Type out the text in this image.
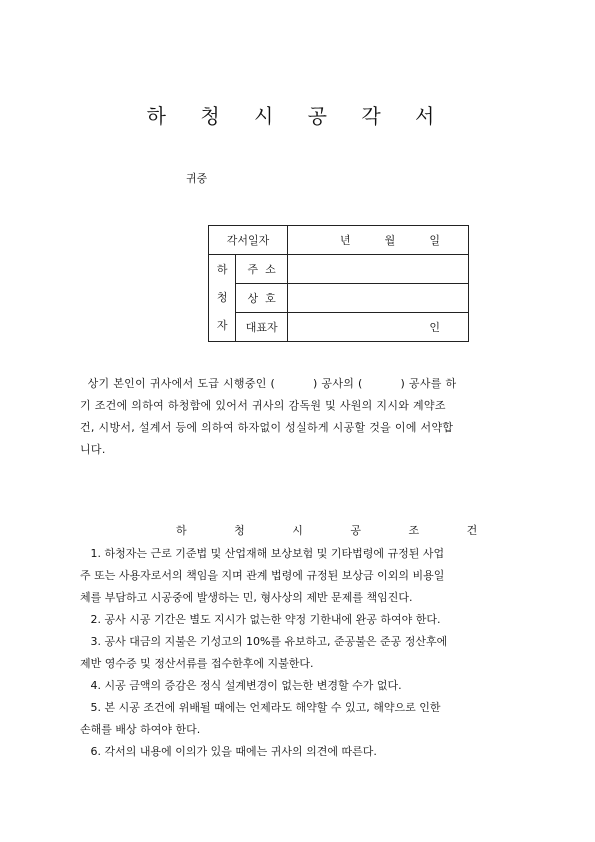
하 청 시 공 각 서
귀중
각서일자		년 월 일

하
청
자	주  소	
	상  호	
	대표자	인
상기 본인이 귀사에서 도급 시행중인 (          ) 공사의 (          ) 공사를 하
기 조건에 의하여 하청함에 있어서 귀사의 감독원 및 사원의 지시와 계약조
건, 시방서, 설계서 등에 의하여 하자없이 성실하게 시공할 것을 이에 서약합
니다.
하 청 시 공 조 건
1. 하청자는 근로 기준법 및 산업재해 보상보험 및 기타법령에 규정된 사업
주 또는 사용자로서의 책임을 지며 관계 법령에 규정된 보상금 이외의 비용일
체를 부담하고 시공중에 발생하는 민, 형사상의 제반 문제를 책임진다.
2. 공사 시공 기간은 별도 지시가 없는한 약정 기한내에 완공 하여야 한다.
3. 공사 대금의 지불은 기성고의 10%를 유보하고, 준공불은 준공 정산후에
제반 영수증 및 정산서류를 접수한후에 지불한다.
4. 시공 금액의 증감은 정식 설계변경이 없는한 변경할 수가 없다.
5. 본 시공 조건에 위배될 때에는 언제라도 해약할 수 있고, 해약으로 인한
손해를 배상 하여야 한다.
6. 각서의 내용에 이의가 있을 때에는 귀사의 의견에 따른다.
